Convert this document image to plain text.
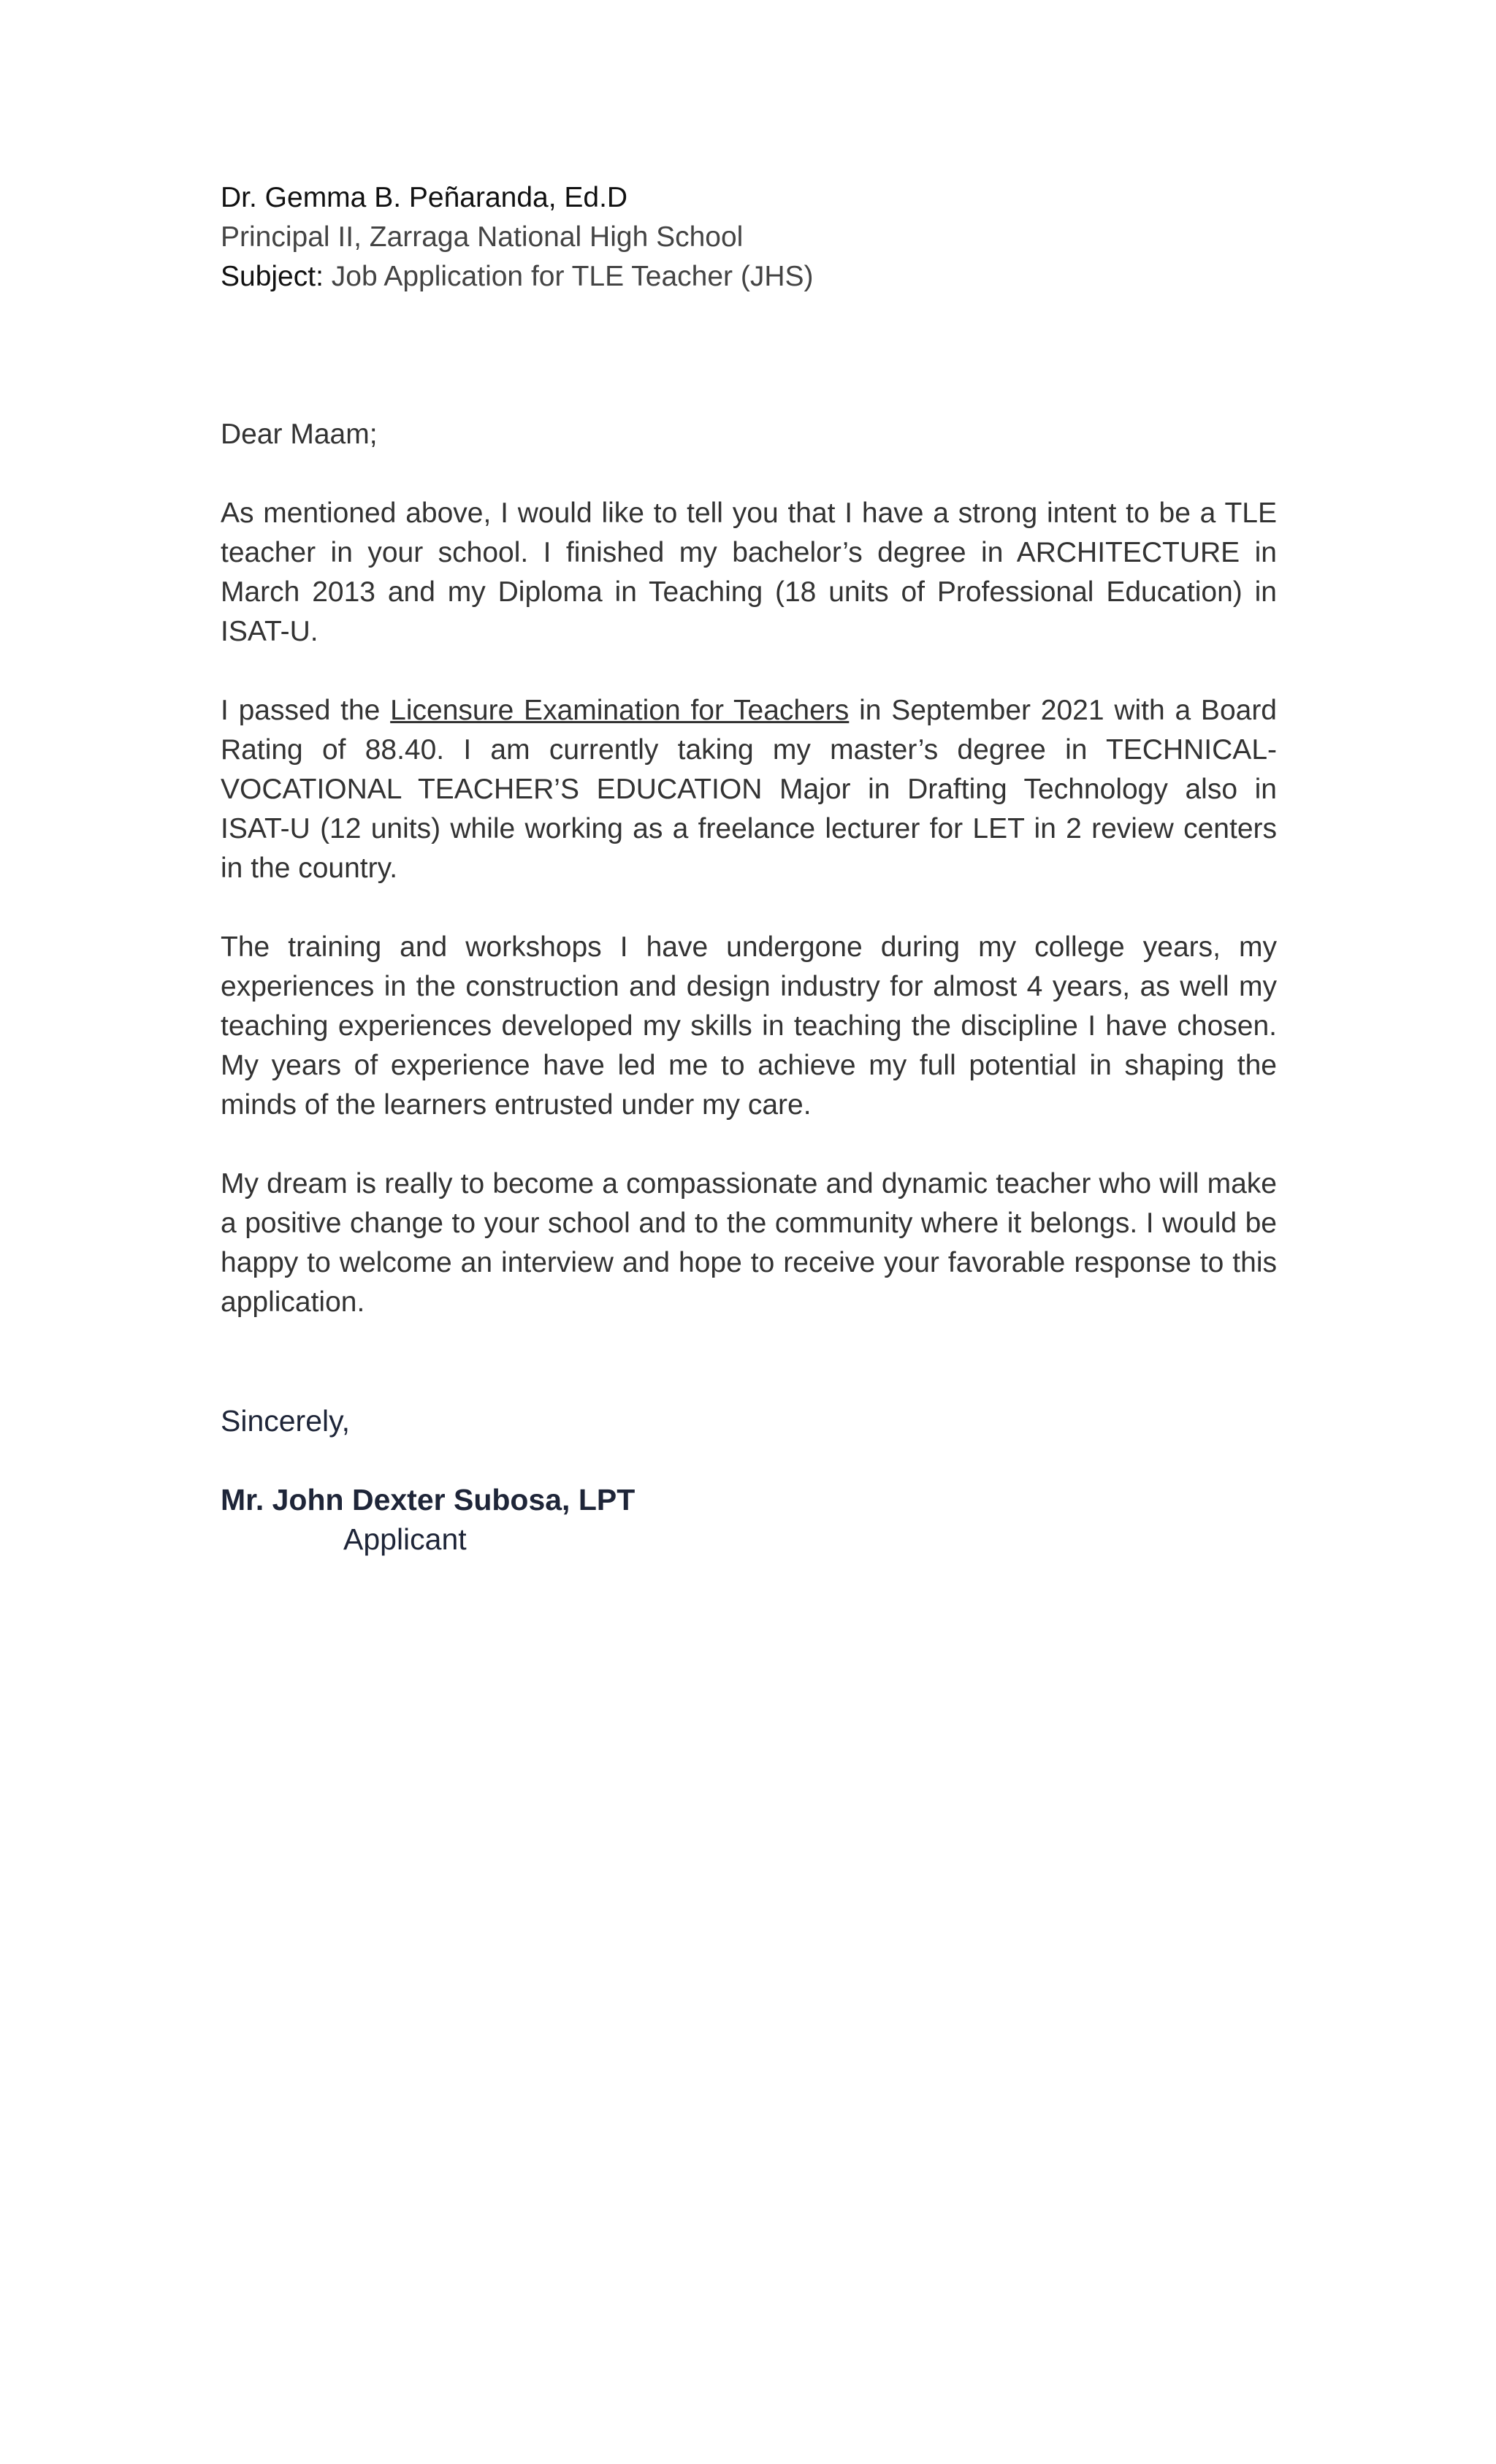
Dr. Gemma B. Peñaranda, Ed.D
Principal II, Zarraga National High School
Subject: Job Application for TLE Teacher (JHS)
Dear Maam;

As mentioned above, I would like to tell you that I have a strong intent to be a TLE teacher in your school. I finished my bachelor’s degree in ARCHITECTURE in March 2013 and my Diploma in Teaching (18 units of Professional Education) in ISAT-U.

I passed the Licensure Examination for Teachers in September 2021 with a Board Rating of 88.40. I am currently taking my master’s degree in TECHNICAL-VOCATIONAL TEACHER’S EDUCATION Major in Drafting Technology also in ISAT-U (12 units) while working as a freelance lecturer for LET in 2 review centers in the country.

The training and workshops I have undergone during my college years, my experiences in the construction and design industry for almost 4 years, as well my teaching experiences developed my skills in teaching the discipline I have chosen. My years of experience have led me to achieve my full potential in shaping the minds of the learners entrusted under my care.

My dream is really to become a compassionate and dynamic teacher who will make a positive change to your school and to the community where it belongs. I would be happy to welcome an interview and hope to receive your favorable response to this application.

Sincerely,
Mr. John Dexter Subosa, LPT
Applicant
